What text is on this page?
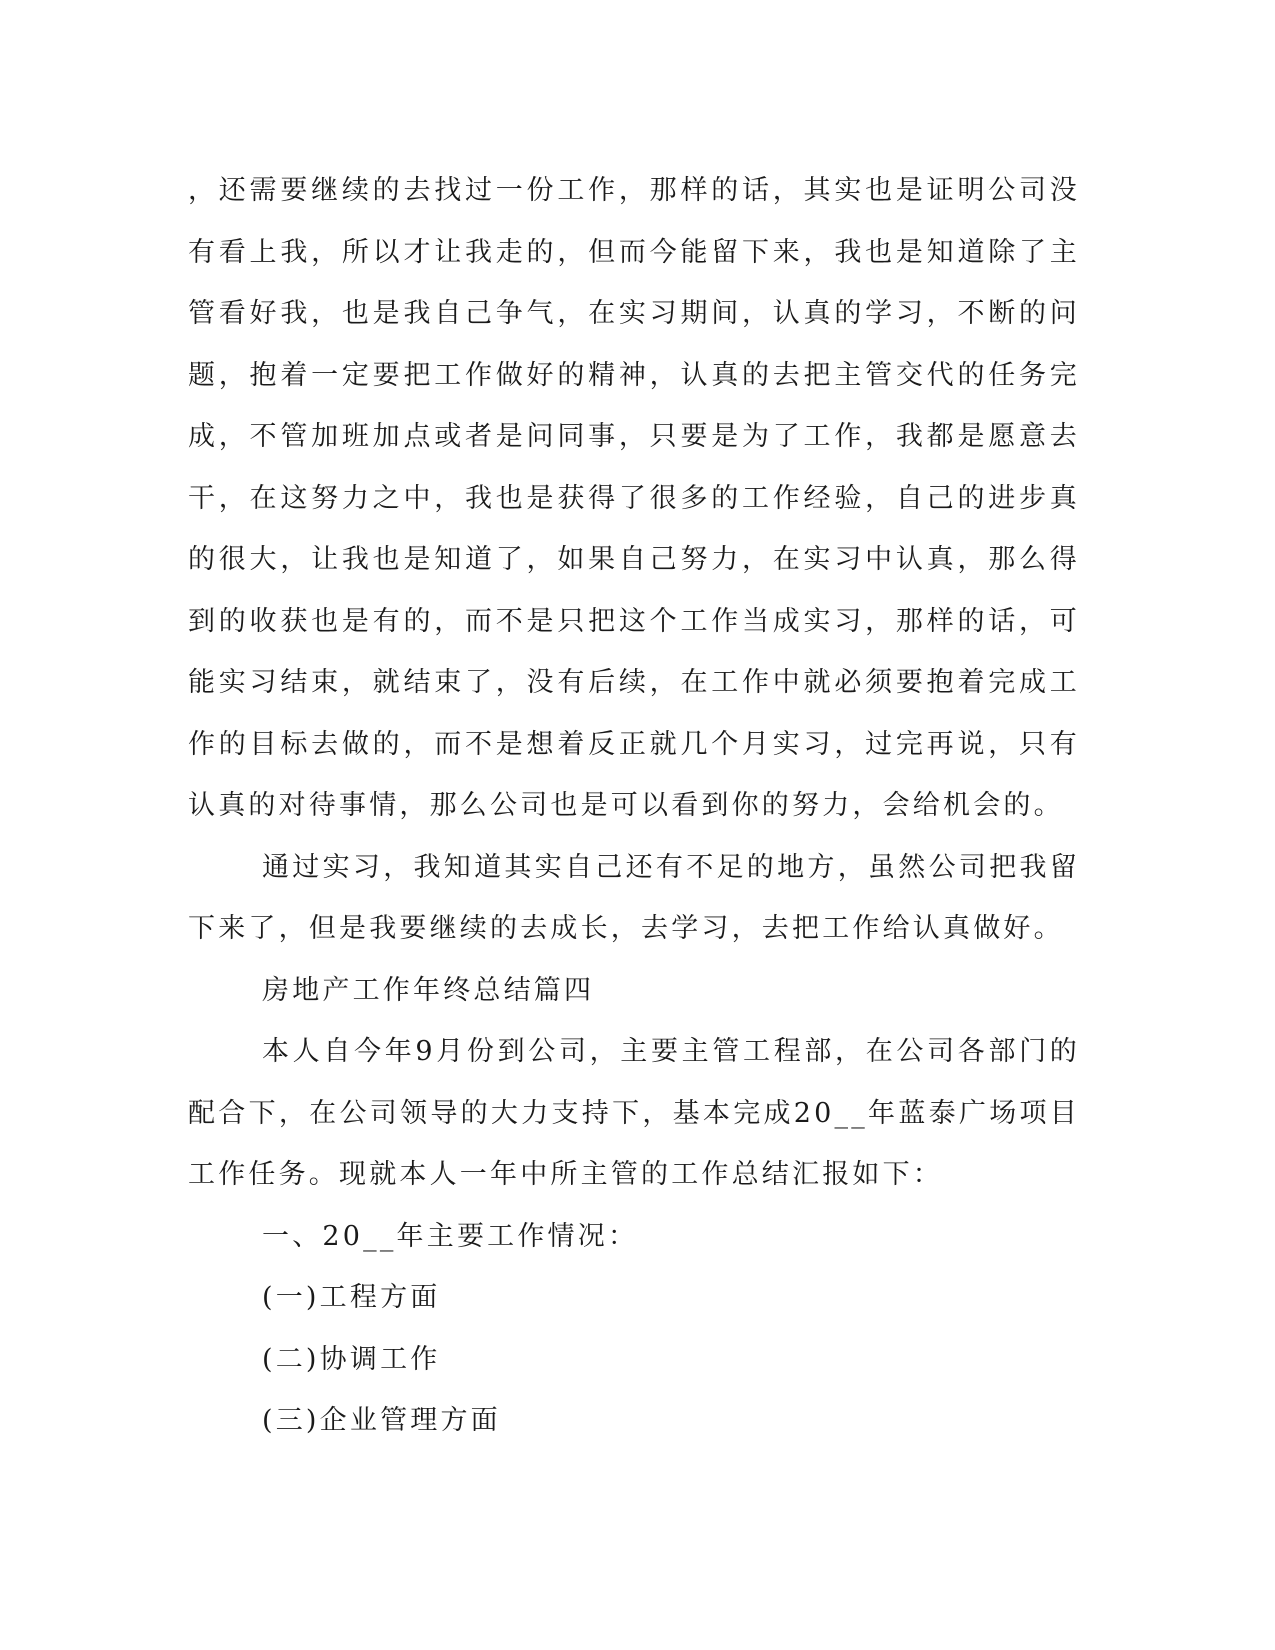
，还需要继续的去找过一份工作，那样的话，其实也是证明公司没有看上我，所以才让我走的，但而今能留下来，我也是知道除了主管看好我，也是我自己争气，在实习期间，认真的学习，不断的问题，抱着一定要把工作做好的精神，认真的去把主管交代的任务完成，不管加班加点或者是问同事，只要是为了工作，我都是愿意去干，在这努力之中，我也是获得了很多的工作经验，自己的进步真的很大，让我也是知道了，如果自己努力，在实习中认真，那么得到的收获也是有的，而不是只把这个工作当成实习，那样的话，可能实习结束，就结束了，没有后续，在工作中就必须要抱着完成工作的目标去做的，而不是想着反正就几个月实习，过完再说，只有认真的对待事情，那么公司也是可以看到你的努力，会给机会的。

通过实习，我知道其实自己还有不足的地方，虽然公司把我留下来了，但是我要继续的去成长，去学习，去把工作给认真做好。

房地产工作年终总结篇四

本人自今年9月份到公司，主要主管工程部，在公司各部门的配合下，在公司领导的大力支持下，基本完成20__年蓝泰广场项目工作任务。现就本人一年中所主管的工作总结汇报如下：

一、20__年主要工作情况：

(一)工程方面

(二)协调工作

(三)企业管理方面
